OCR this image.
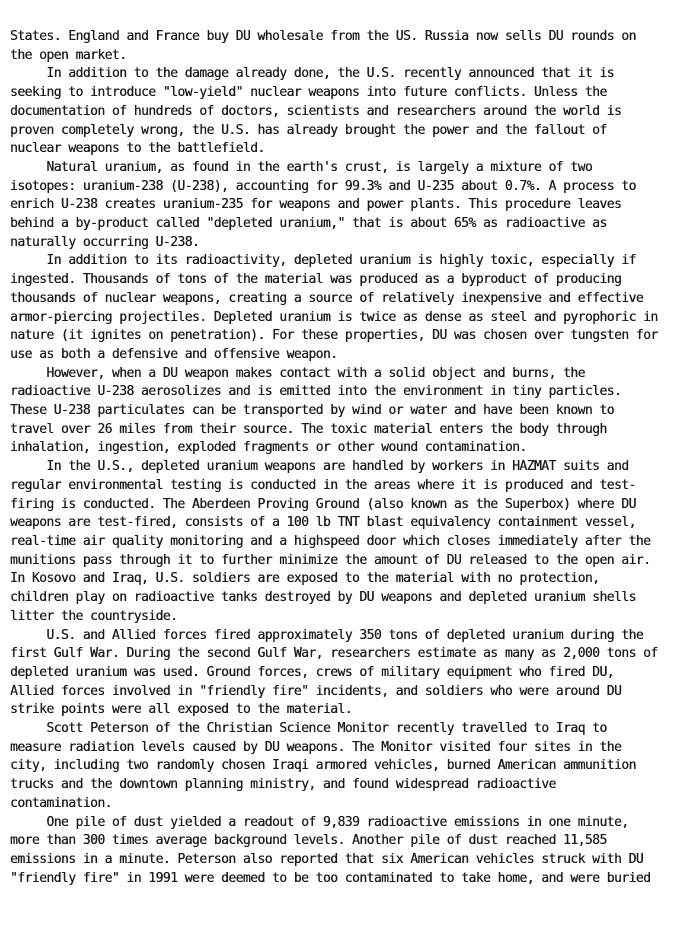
States. England and France buy DU wholesale from the US. Russia now sells DU rounds on
the open market.
In addition to the damage already done, the U.S. recently announced that it is
seeking to introduce "low-yield" nuclear weapons into future conflicts. Unless the
documentation of hundreds of doctors, scientists and researchers around the world is
proven completely wrong, the U.S. has already brought the power and the fallout of
nuclear weapons to the battlefield.
Natural uranium, as found in the earth's crust, is largely a mixture of two
isotopes: uranium-238 (U-238), accounting for 99.3% and U-235 about 0.7%. A process to
enrich U-238 creates uranium-235 for weapons and power plants. This procedure leaves
behind a by-product called "depleted uranium," that is about 65% as radioactive as
naturally occurring U-238.
In addition to its radioactivity, depleted uranium is highly toxic, especially if
ingested. Thousands of tons of the material was produced as a byproduct of producing
thousands of nuclear weapons, creating a source of relatively inexpensive and effective
armor-piercing projectiles. Depleted uranium is twice as dense as steel and pyrophoric in
nature (it ignites on penetration). For these properties, DU was chosen over tungsten for
use as both a defensive and offensive weapon.
However, when a DU weapon makes contact with a solid object and burns, the
radioactive U-238 aerosolizes and is emitted into the environment in tiny particles.
These U-238 particulates can be transported by wind or water and have been known to
travel over 26 miles from their source. The toxic material enters the body through
inhalation, ingestion, exploded fragments or other wound contamination.
In the U.S., depleted uranium weapons are handled by workers in HAZMAT suits and
regular environmental testing is conducted in the areas where it is produced and test-
firing is conducted. The Aberdeen Proving Ground (also known as the Superbox) where DU
weapons are test-fired, consists of a 100 lb TNT blast equivalency containment vessel,
real-time air quality monitoring and a highspeed door which closes immediately after the
munitions pass through it to further minimize the amount of DU released to the open air.
In Kosovo and Iraq, U.S. soldiers are exposed to the material with no protection,
children play on radioactive tanks destroyed by DU weapons and depleted uranium shells
litter the countryside.
U.S. and Allied forces fired approximately 350 tons of depleted uranium during the
first Gulf War. During the second Gulf War, researchers estimate as many as 2,000 tons of
depleted uranium was used. Ground forces, crews of military equipment who fired DU,
Allied forces involved in "friendly fire" incidents, and soldiers who were around DU
strike points were all exposed to the material.
Scott Peterson of the Christian Science Monitor recently travelled to Iraq to
measure radiation levels caused by DU weapons. The Monitor visited four sites in the
city, including two randomly chosen Iraqi armored vehicles, burned American ammunition
trucks and the downtown planning ministry, and found widespread radioactive
contamination.
One pile of dust yielded a readout of 9,839 radioactive emissions in one minute,
more than 300 times average background levels. Another pile of dust reached 11,585
emissions in a minute. Peterson also reported that six American vehicles struck with DU
"friendly fire" in 1991 were deemed to be too contaminated to take home, and were buried
